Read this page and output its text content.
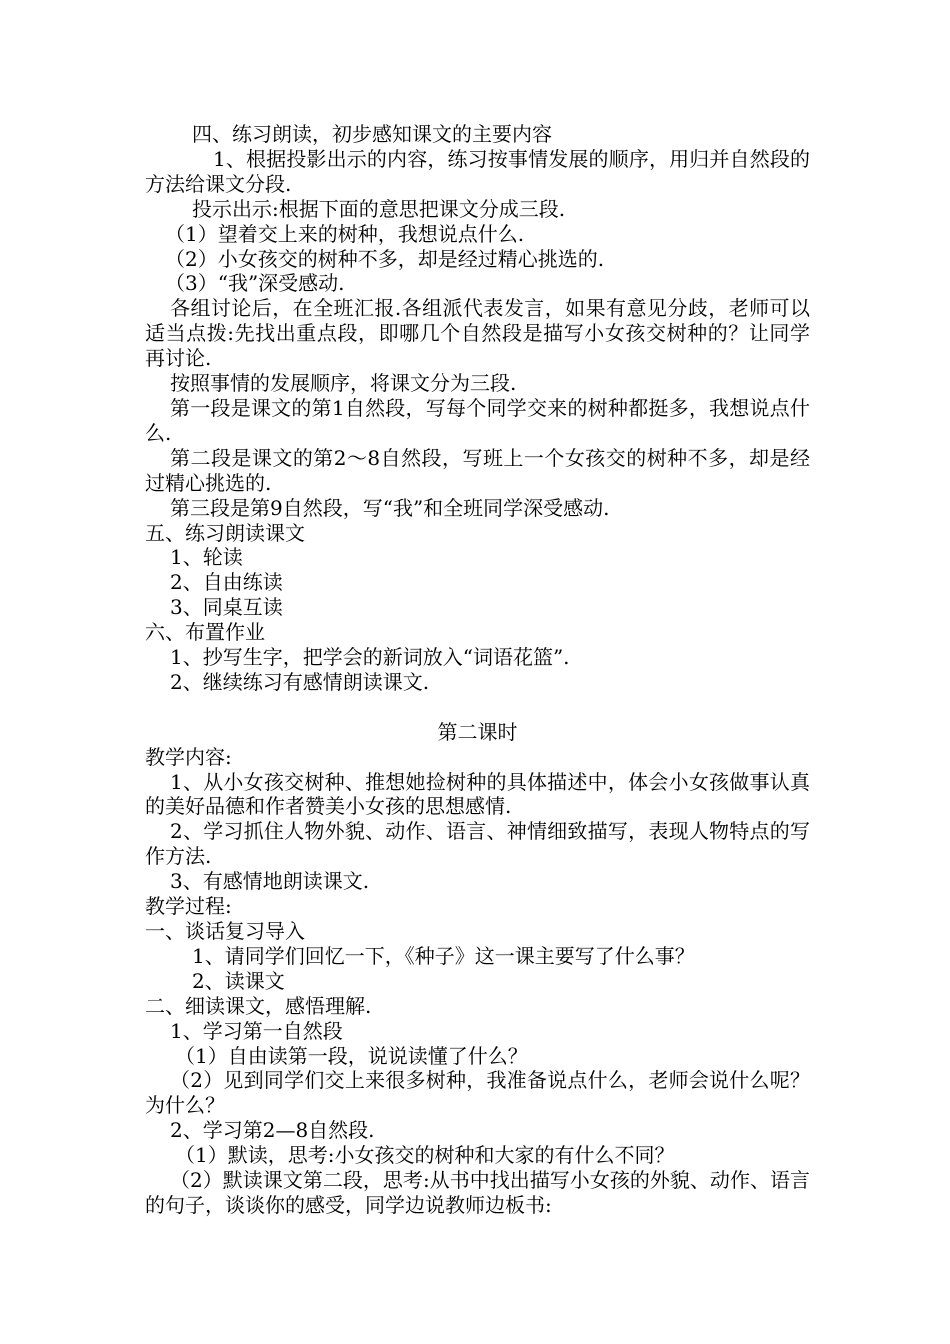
四、练习朗读，初步感知课文的主要内容
1、根据投影出示的内容，练习按事情发展的顺序，用归并自然段的方法给课文分段.
投示出示:根据下面的意思把课文分成三段.
（1）望着交上来的树种，我想说点什么.
（2）小女孩交的树种不多，却是经过精心挑选的.
（3）“我”深受感动.
各组讨论后，在全班汇报.各组派代表发言，如果有意见分歧，老师可以适当点拨:先找出重点段，即哪几个自然段是描写小女孩交树种的？让同学再讨论.
按照事情的发展顺序，将课文分为三段.
第一段是课文的第1自然段，写每个同学交来的树种都挺多，我想说点什么.
第二段是课文的第2～8自然段，写班上一个女孩交的树种不多，却是经过精心挑选的.
第三段是第9自然段，写“我”和全班同学深受感动.
五、练习朗读课文
1、轮读
2、自由练读
3、同桌互读
六、布置作业
1、抄写生字，把学会的新词放入“词语花篮”.
2、继续练习有感情朗读课文.
第二课时
教学内容:
1、从小女孩交树种、推想她捡树种的具体描述中，体会小女孩做事认真的美好品德和作者赞美小女孩的思想感情.
2、学习抓住人物外貌、动作、语言、神情细致描写，表现人物特点的写作方法.
3、有感情地朗读课文.
教学过程:
一、谈话复习导入
1、请同学们回忆一下，《种子》这一课主要写了什么事？
2、读课文
二、细读课文，感悟理解.
1、学习第一自然段
（1）自由读第一段，说说读懂了什么？
（2）见到同学们交上来很多树种，我准备说点什么，老师会说什么呢？为什么？
2、学习第2—8自然段.
（1）默读，思考:小女孩交的树种和大家的有什么不同？
（2）默读课文第二段，思考:从书中找出描写小女孩的外貌、动作、语言　的句子，谈谈你的感受，同学边说教师边板书:
